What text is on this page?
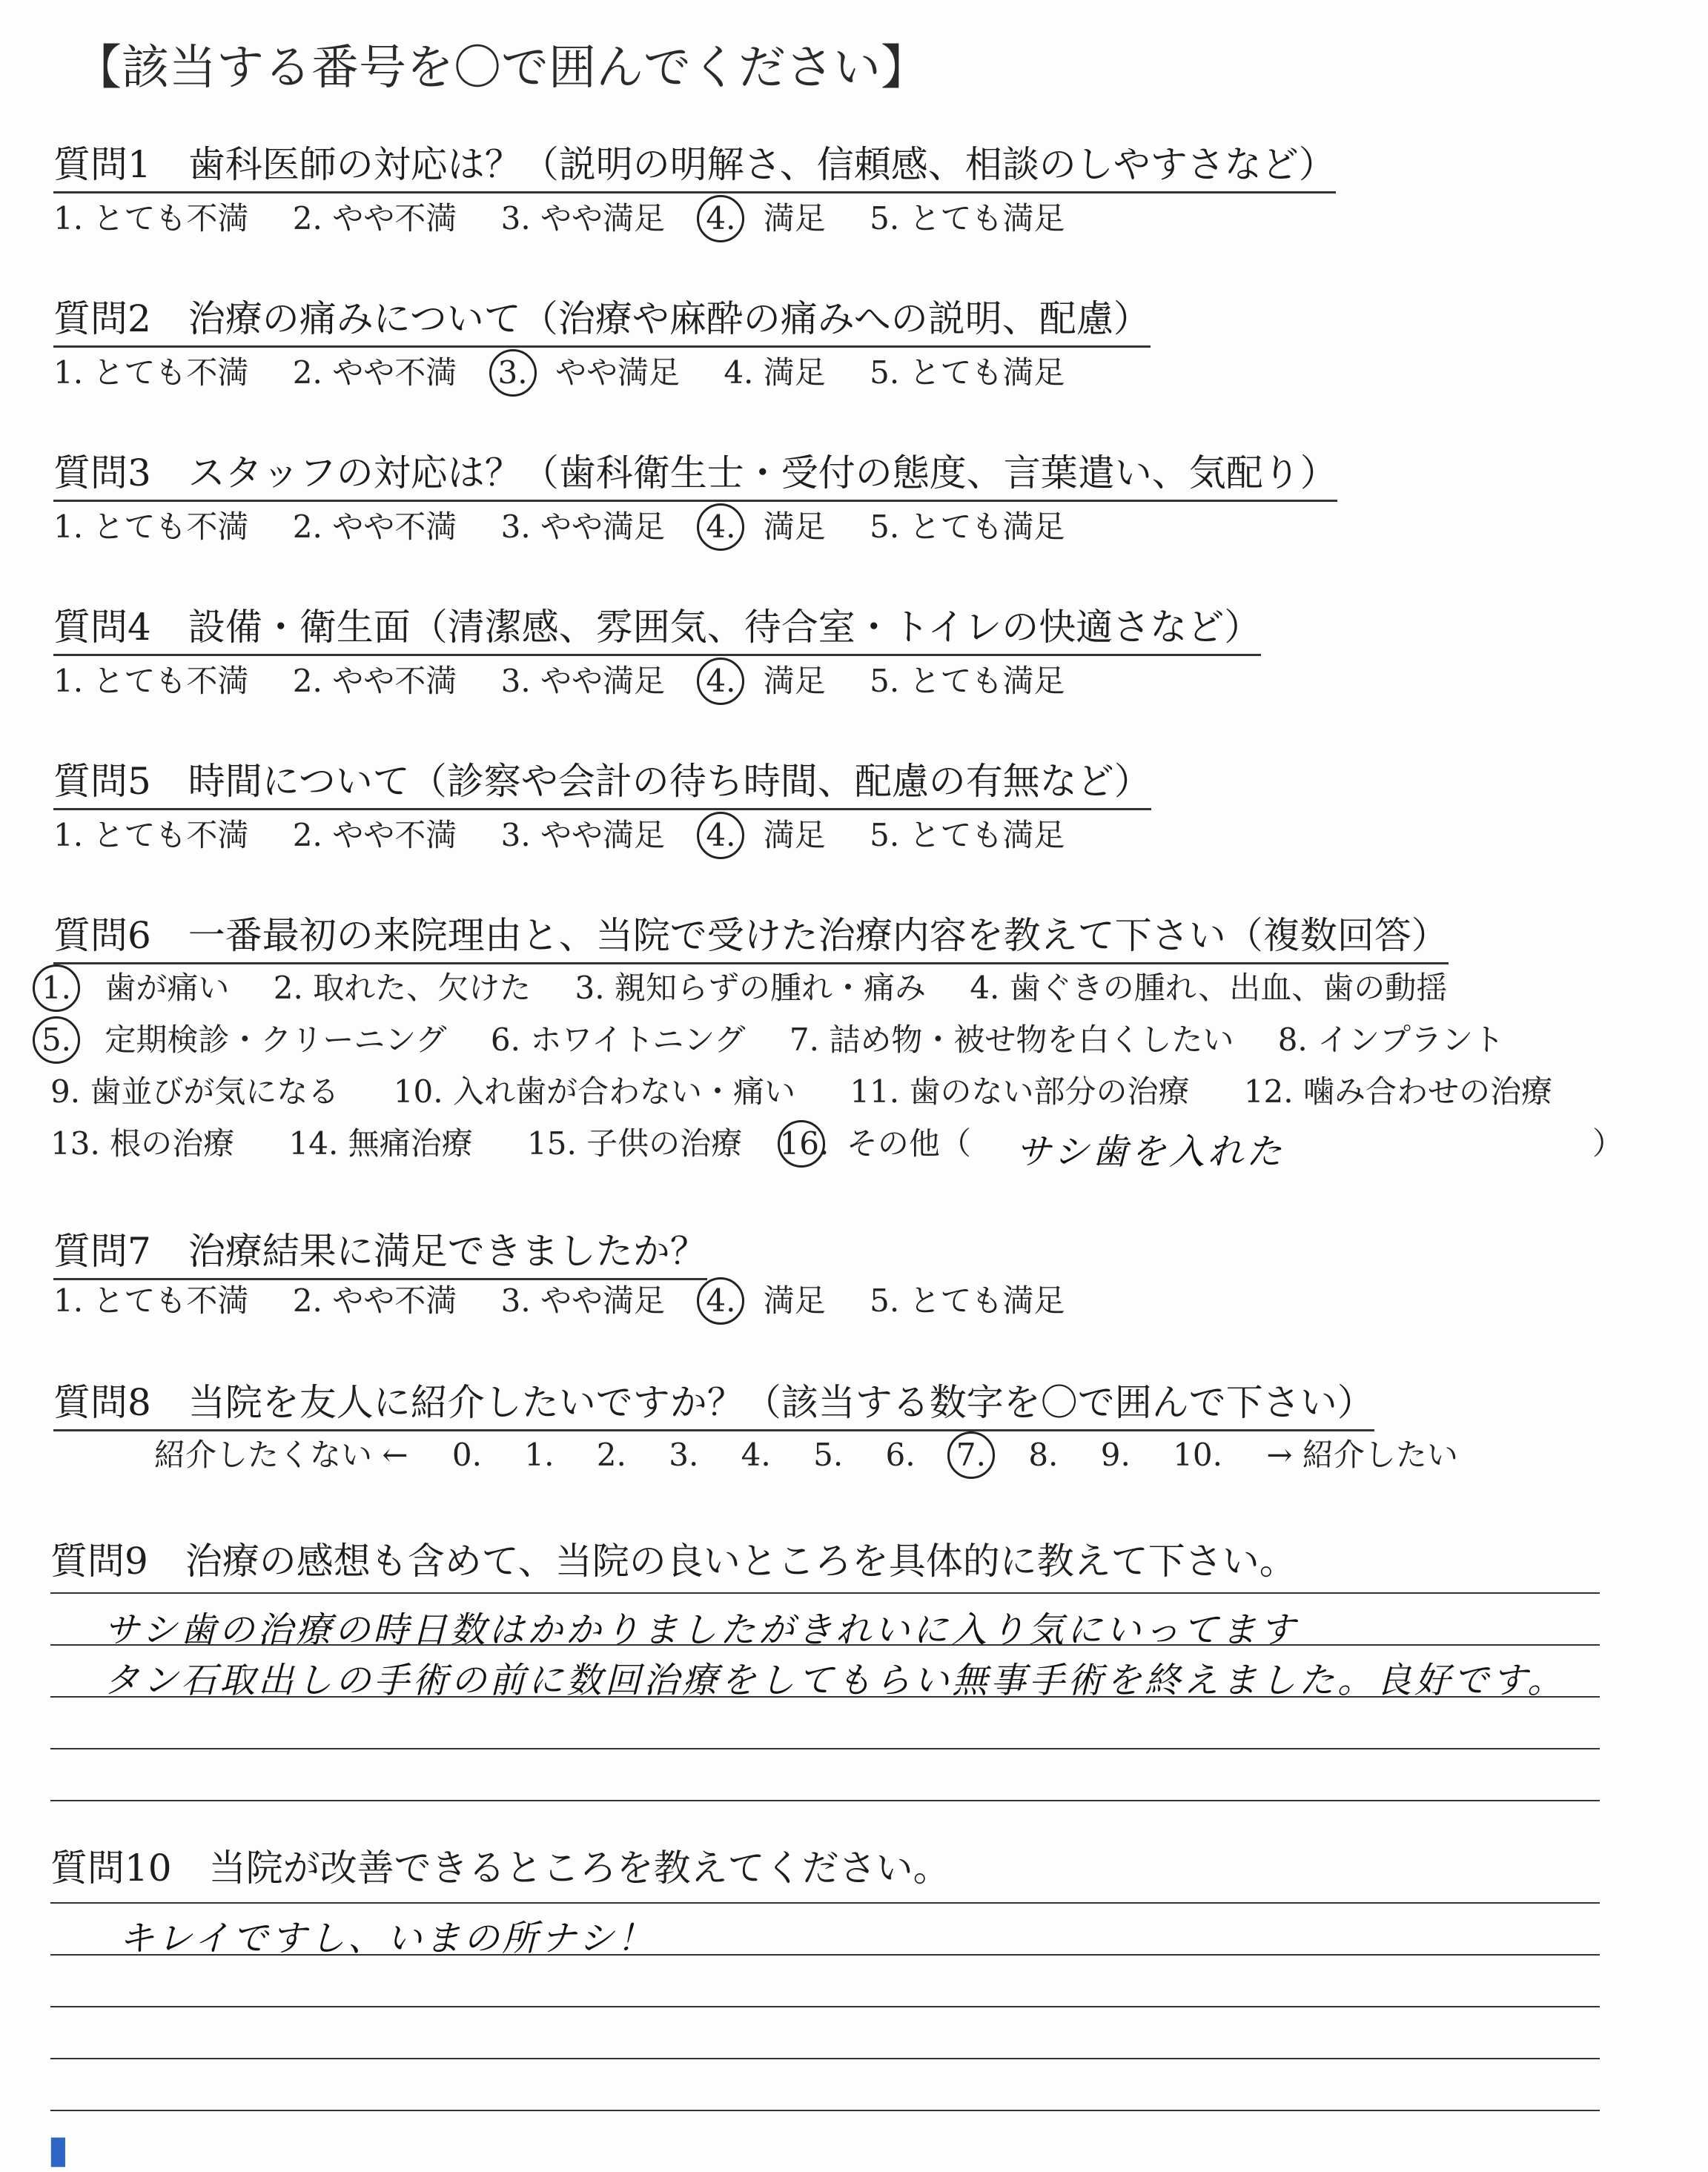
【該当する番号を〇で囲んでください】
質問1　歯科医師の対応は？（説明の明解さ、信頼感、相談のしやすさなど）
1. とても不満 2. やや不満 3. やや満足 4. 満足 5. とても満足
質問2　治療の痛みについて（治療や麻酔の痛みへの説明、配慮）
1. とても不満 2. やや不満 3. やや満足 4. 満足 5. とても満足
質問3　スタッフの対応は？（歯科衛生士・受付の態度、言葉遣い、気配り）
1. とても不満 2. やや不満 3. やや満足 4. 満足 5. とても満足
質問4　設備・衛生面（清潔感、雰囲気、待合室・トイレの快適さなど）
1. とても不満 2. やや不満 3. やや満足 4. 満足 5. とても満足
質問5　時間について（診察や会計の待ち時間、配慮の有無など）
1. とても不満 2. やや不満 3. やや満足 4. 満足 5. とても満足
質問6　一番最初の来院理由と、当院で受けた治療内容を教えて下さい（複数回答）
1. 歯が痛い 2. 取れた、欠けた 3. 親知らずの腫れ・痛み 4. 歯ぐきの腫れ、出血、歯の動揺
5. 定期検診・クリーニング 6. ホワイトニング 7. 詰め物・被せ物を白くしたい 8. インプラント
9. 歯並びが気になる 10. 入れ歯が合わない・痛い 11. 歯のない部分の治療 12. 噛み合わせの治療
13. 根の治療 14. 無痛治療 15. 子供の治療 16. その他（ サシ歯を入れた	）
質問7　治療結果に満足できましたか？
1. とても不満 2. やや不満 3. やや満足 4. 満足 5. とても満足
質問8　当院を友人に紹介したいですか？（該当する数字を〇で囲んで下さい）
紹介したくない ← 0. 1. 2. 3. 4. 5. 6. 7. 8. 9. 10. → 紹介したい
質問9　治療の感想も含めて、当院の良いところを具体的に教えて下さい。
サシ歯の治療の時日数はかかりましたがきれいに入り気にいってます
タン石取出しの手術の前に数回治療をしてもらい無事手術を終えました。良好です。
質問10　当院が改善できるところを教えてください。
キレイですし、いまの所ナシ！
▮
